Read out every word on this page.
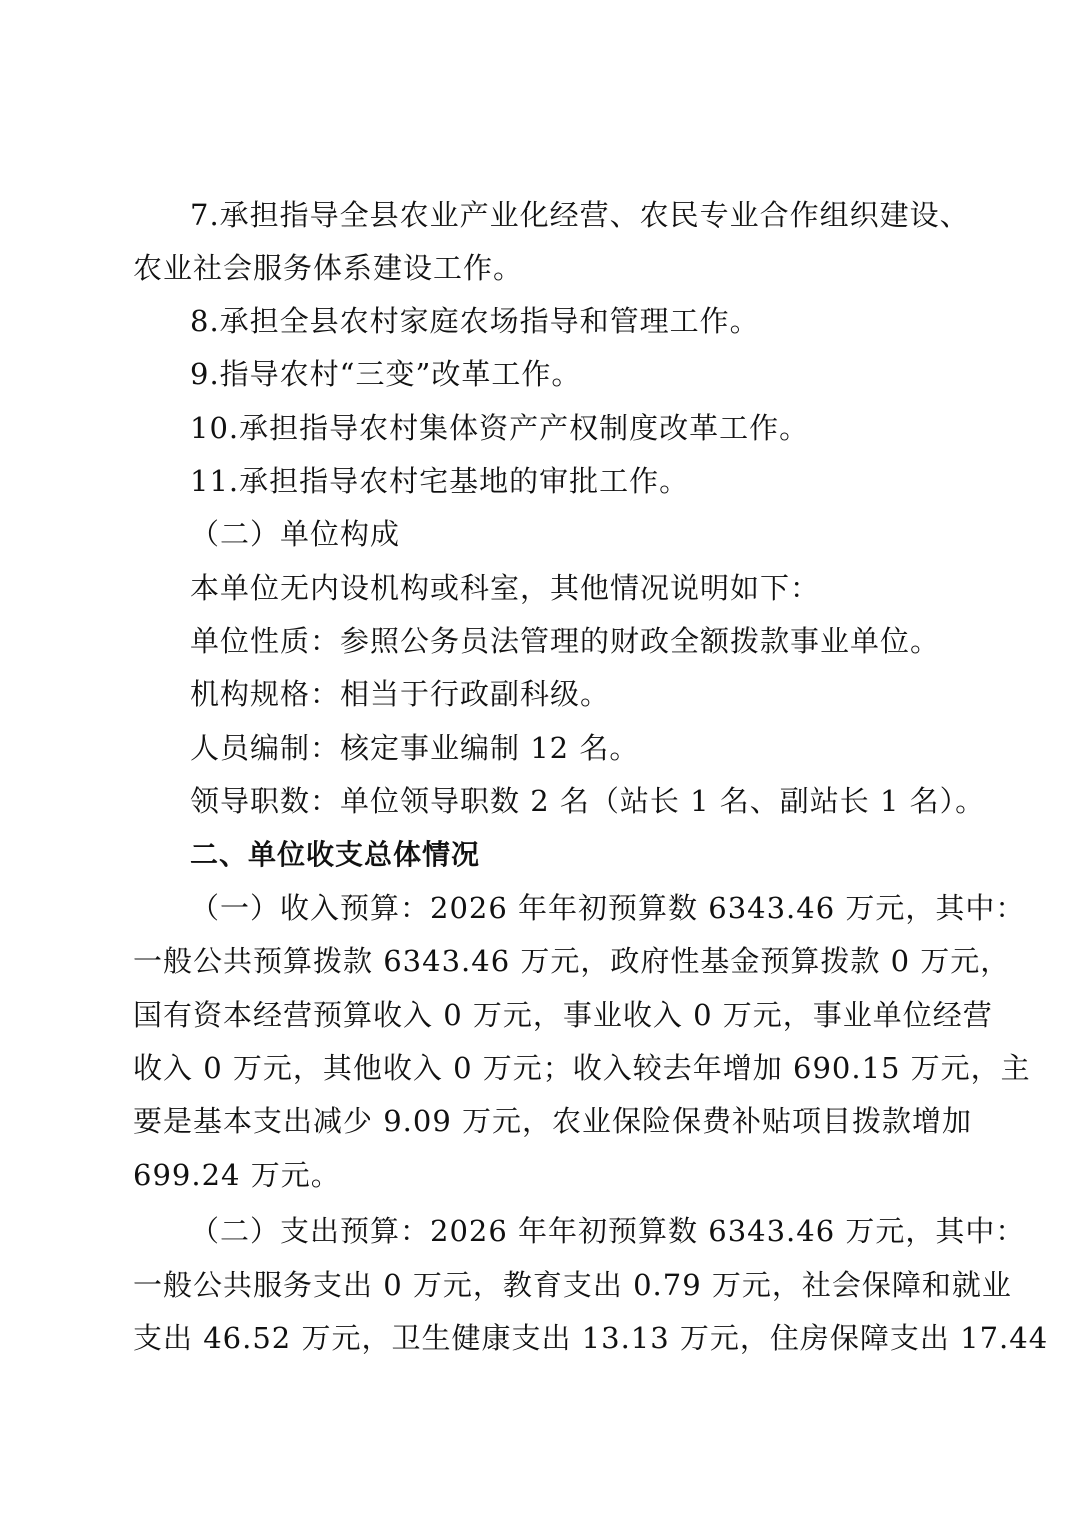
7.承担指导全县农业产业化经营、农民专业合作组织建设、
农业社会服务体系建设工作。
8.承担全县农村家庭农场指导和管理工作。
9.指导农村“三变”改革工作。
10.承担指导农村集体资产产权制度改革工作。
11.承担指导农村宅基地的审批工作。
（二）单位构成
本单位无内设机构或科室，其他情况说明如下：
单位性质：参照公务员法管理的财政全额拨款事业单位。
机构规格：相当于行政副科级。
人员编制：核定事业编制 12 名。
领导职数：单位领导职数 2 名（站长 1 名、副站长 1 名）。
二、单位收支总体情况
（一）收入预算：2026 年年初预算数 6343.46 万元，其中：
一般公共预算拨款 6343.46 万元，政府性基金预算拨款 0 万元，
国有资本经营预算收入 0 万元，事业收入 0 万元，事业单位经营
收入 0 万元，其他收入 0 万元；收入较去年增加 690.15 万元，主
要是基本支出减少 9.09 万元，农业保险保费补贴项目拨款增加
699.24 万元。
（二）支出预算：2026 年年初预算数 6343.46 万元，其中：
一般公共服务支出 0 万元，教育支出 0.79 万元，社会保障和就业
支出 46.52 万元，卫生健康支出 13.13 万元，住房保障支出 17.44
